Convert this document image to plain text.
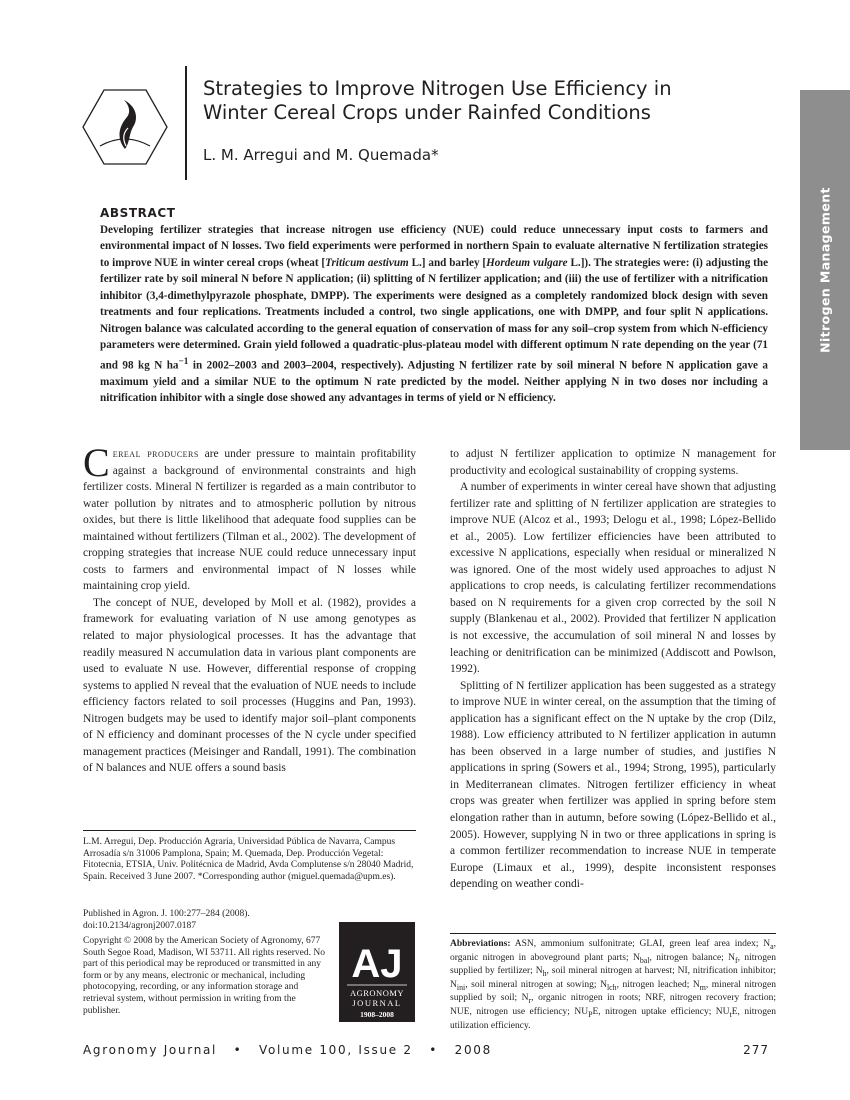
Strategies to Improve Nitrogen Use Efficiency in
Winter Cereal Crops under Rainfed Conditions
L. M. Arregui and M. Quemada*
Nitrogen Management
ABSTRACT

Developing fertilizer strategies that increase nitrogen use efficiency (NUE) could reduce unnecessary input costs to farmers and environmental impact of N losses. Two field experiments were performed in northern Spain to evaluate alternative N fertilization strategies to improve NUE in winter cereal crops (wheat [Triticum aestivum L.] and barley [Hordeum vulgare L.]). The strategies were: (i) adjusting the fertilizer rate by soil mineral N before N application; (ii) splitting of N fertilizer application; and (iii) the use of fertilizer with a nitrification inhibitor (3,4-dimethylpyrazole phosphate, DMPP). The experiments were designed as a completely randomized block design with seven treatments and four replications. Treatments included a control, two single applications, one with DMPP, and four split N applications. Nitrogen balance was calculated according to the general equation of conservation of mass for any soil–crop system from which N-efficiency parameters were determined. Grain yield followed a quadratic-plus-plateau model with different optimum N rate depending on the year (71 and 98 kg N $ha^{-1}$ in 2002–2003 and 2003–2004, respectively). Adjusting N fertilizer rate by soil mineral N before N application gave a maximum yield and a similar NUE to the optimum N rate predicted by the model. Neither applying N in two doses nor including a nitrification inhibitor with a single dose showed any advantages in terms of yield or N efficiency.

Cereal producers are under pressure to maintain profitability against a background of environmental constraints and high fertilizer costs. Mineral N fertilizer is regarded as a main contributor to water pollution by nitrates and to atmospheric pollution by nitrous oxides, but there is little likelihood that adequate food supplies can be maintained without fertilizers (Tilman et al., 2002). The development of cropping strategies that increase NUE could reduce unnecessary input costs to farmers and environmental impact of N losses while maintaining crop yield.

The concept of NUE, developed by Moll et al. (1982), provides a framework for evaluating variation of N use among genotypes as related to major physiological processes. It has the advantage that readily measured N accumulation data in various plant components are used to evaluate N use. However, differential response of cropping systems to applied N reveal that the evaluation of NUE needs to include efficiency factors related to soil processes (Huggins and Pan, 1993). Nitrogen budgets may be used to identify major soil–plant components of N efficiency and dominant processes of the N cycle under specified management practices (Meisinger and Randall, 1991). The combination of N balances and NUE offers a sound basis

to adjust N fertilizer application to optimize N management for productivity and ecological sustainability of cropping systems.

A number of experiments in winter cereal have shown that adjusting fertilizer rate and splitting of N fertilizer application are strategies to improve NUE (Alcoz et al., 1993; Delogu et al., 1998; López-Bellido et al., 2005). Low fertilizer efficiencies have been attributed to excessive N applications, especially when residual or mineralized N was ignored. One of the most widely used approaches to adjust N applications to crop needs, is calculating fertilizer recommendations based on N requirements for a given crop corrected by the soil N supply (Blankenau et al., 2002). Provided that fertilizer N application is not excessive, the accumulation of soil mineral N and losses by leaching or denitrification can be minimized (Addiscott and Powlson, 1992).

Splitting of N fertilizer application has been suggested as a strategy to improve NUE in winter cereal, on the assumption that the timing of application has a significant effect on the N uptake by the crop (Dilz, 1988). Low efficiency attributed to N fertilizer application in autumn has been observed in a large number of studies, and justifies N applications in spring (Sowers et al., 1994; Strong, 1995), particularly in Mediterranean climates. Nitrogen fertilizer efficiency in wheat crops was greater when fertilizer was applied in spring before stem elongation rather than in autumn, before sowing (López-Bellido et al., 2005). However, supplying N in two or three applications in spring is a common fertilizer recommendation to increase NUE in temperate Europe (Limaux et al., 1999), despite inconsistent responses depending on weather condi-

L.M. Arregui, Dep. Producción Agraria, Universidad Pública de Navarra, Campus Arrosadía s/n 31006 Pamplona, Spain; M. Quemada, Dep. Producción Vegetal: Fitotecnia, ETSIA, Univ. Politécnica de Madrid, Avda Complutense s/n 28040 Madrid, Spain. Received 3 June 2007. *Corresponding author (miguel.quemada@upm.es).
Published in Agron. J. 100:277–284 (2008).
doi:10.2134/agronj2007.0187
Copyright © 2008 by the American Society of Agronomy, 677 South Segoe Road, Madison, WI 53711. All rights reserved. No part of this periodical may be reproduced or transmitted in any form or by any means, electronic or mechanical, including photocopying, recording, or any information storage and retrieval system, without permission in writing from the publisher.
AJ
AGRONOMY
JOURNAL
1908–2008
Abbreviations: ASN, ammonium sulfonitrate; GLAI, green leaf area index; $N_a$, organic nitrogen in aboveground plant parts; $N_{bal}$, nitrogen balance; $N_f$, nitrogen supplied by fertilizer; $N_h$, soil mineral nitrogen at harvest; NI, nitrification inhibitor; $N_{ini}$, soil mineral nitrogen at sowing; $N_{lch}$, nitrogen leached; $N_m$, mineral nitrogen supplied by soil; $N_r$, organic nitrogen in roots; NRF, nitrogen recovery fraction; NUE, nitrogen use efficiency; $NU_PE$, nitrogen uptake efficiency; $NU_tE$, nitrogen utilization efficiency.
Agronomy Journal • Volume 100, Issue 2 • 2008	277
